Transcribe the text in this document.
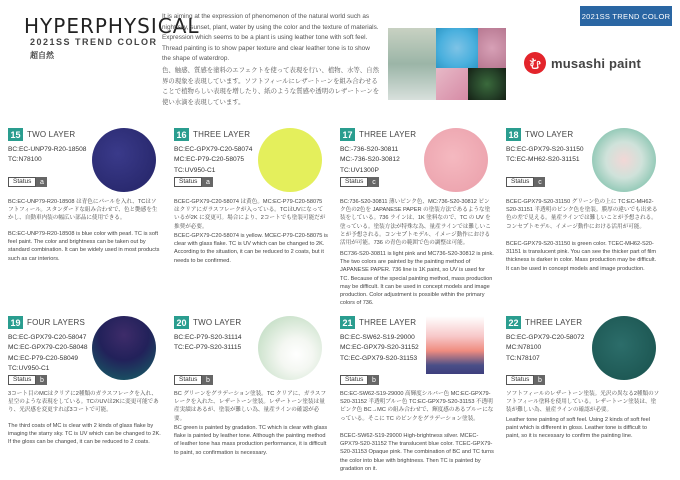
2021SS TREND COLOR
HYPERPHYSICAL
2021SS TREND COLOR
超自然
It is aiming at the expression of phenomenon of the natural world such as night sky, sunset, plant, water by using the color and the texture of materials. Expression which seems to be a plant is using leather tone with soft feel. Thread painting is to show paper texture and clear leather tone is to show the shape of waterdrop.
色、触感、質感を塗料のエフェクトを使って表現を行い、植物、水等、自然界の現象を表現しています。ソフトフィールにレザートーンを組み合わせることで植物らしい表現を増したり、紙のような質感や透明のレザートーンを使い水滴を表現しています。
む musashi paint
15 TWO LAYER
BC:EC-UNP79-R20-18508
TC:N78100
Status	a
BC:EC-UNP79-R20-18508 は青色にパールを入れ、TCはソフトフィール。スタンダードな組み合わせで、色と艶感を生かし、自動車内装の幅広い部品に使用できる。
BC:EC-UNP79-R20-18508 is blue color with pearl. TC is soft feel paint. The color and brightness can be taken out by standard combination. It can be widely used in most products such as car interiors.
16 THREE LAYER
BC:EC-GPX79-C20-58074
MC:EC-P79-C20-58075
TC:UV950-C1
Status	a
BCEC-GPX79-C20-58074 は黄色。MC:EC-P79-C20-58075 はクリアにガラスフレークが入っている。TCはUVになっているが2K に変更可。場合により、2コートでも塗装可能だが推奨が必要。
BCEC-GPX79-C20-58074 is yellow. MCEC-P79-C20-58075 is clear with glass flake. TC is UV which can be changed to 2K. According to the situation, it can be reduced to 2 coats, but it needs to be confirmed.
17 THREE LAYER
BC:-736-S20-30811
MC:-736-S20-30812
TC:UV1300P
Status	c
BC:736-S20-30811 薄いピンク色、MC:736-S20-30812 ピンク色の2色を JAPANESE PAPER の塗装方法であるような塗装をしている。736 ラインは、1K 塗料なので、TC の UV を塗っている。塗装方法が特殊な為、量産ラインでは難しいことが予想される。コンセプトモデル、イメージ動作における活用が可能。736 の青色の範囲で色の調整は可能。
BC736-S20-30811 is light pink and MC736-S20-30812 is pink. The two colors are painted by the painting method of JAPANESE PAPER. 736 line is 1K paint, so UV is used for TC. Because of the special painting method, mass production may be difficult. It can be used in concept models and image production. Color adjustment is possible within the primary colors of 736.
18 TWO LAYER
BC:EC-GPX79-S20-31150
TC:EC-MH62-S20-31151
Status	c
BCEC-GPX79-S20-31150 グリーン色の上に TC:EC-MH62-S20-31151 半透明のピンク色を塗装。膜厚の違いでも出来る色の差で見える。量産ラインでは難しいことが予想される。コンセプトモデル、イメージ動作における活用が可能。
BCEC-GPX79-S20-31150 is green color. TCEC-MH62-S20-31151 is translucent pink. You can see the thicker part of film thickness is darker in color. Mass production may be difficult. It can be used in concept models and image production.
19 FOUR LAYERS
BC:EC-GPX79-C20-58047
MC:EC-GPX79-C20-58048
MC:EC-P79-C20-58049
TC:UV950-C1
Status	b
3コート目のMCはクリアに2種類のガラスフレークを入れ、星空のような表現をしている。TCのUVは2Kに変更可能であり、光沢感を変更すれば3コートで可能。
The third coats of MC is clear with 2 kinds of glass flake by imaging the starry sky. TC is UV which can be changed to 2K. If the gloss can be changed, it can be reduced to 2 coats.
20 TWO LAYER
BC:EC-P79-S20-31114
TC:EC-P79-S20-31115
Status	b
BC グリーンをグラデーション塗装。TC クリアに、ガラスフレークを入れた、レザートーン塗装。レザートーン塗装は量産実績はあるが、塗装が難しい為、量産ラインの確認が必要。
BC green is painted by gradation. TC which is clear with glass flake is painted by leather tone. Although the painting method of leather tone has mass production performance, it is difficult to paint, so confirmation is necessary.
21 THREE LAYER
BC:EC-SW62-S19-29000
MC:EC-GPX79-S20-31152
TC:EC-GPX79-S20-31153
Status	b
BC:EC-SW62-S19-29000 高輝度シルバー色 MC:EC-GPX79-S20-31152 半透明ブルー色 TC:EC-GPX79-S20-31153 不透明ピンク色 BC→MC の組み合わせで、輝度感のあるブルーになっている。そこに TC のピンクをグラデーション塗装。
BCEC-SW62-S19-29000 High-brightness silver. MCEC-GPX79-S20-31152 The translucent blue color. TCEC-GPX79-S20-31153 Opaque pink. The combination of BC and TC turns the color into blue with brightness. Then TC is painted by gradation on it.
22 THREE LAYER
BC:EC-GPX79-C20-58072
MC:N78100
TC:N78107
Status	b
ソフトフィールのレザートーン塗装。光沢の異なる2種類のソフトフィール塗料を使用している。レザートーン塗装は、塗装が難しい為、量産ラインの確認が必要。
Leather tone painting of soft feel. Using 2 kinds of soft feel paint which is different in gloss. Leather tone is difficult to paint, so it is necessary to confirm the painting line.
